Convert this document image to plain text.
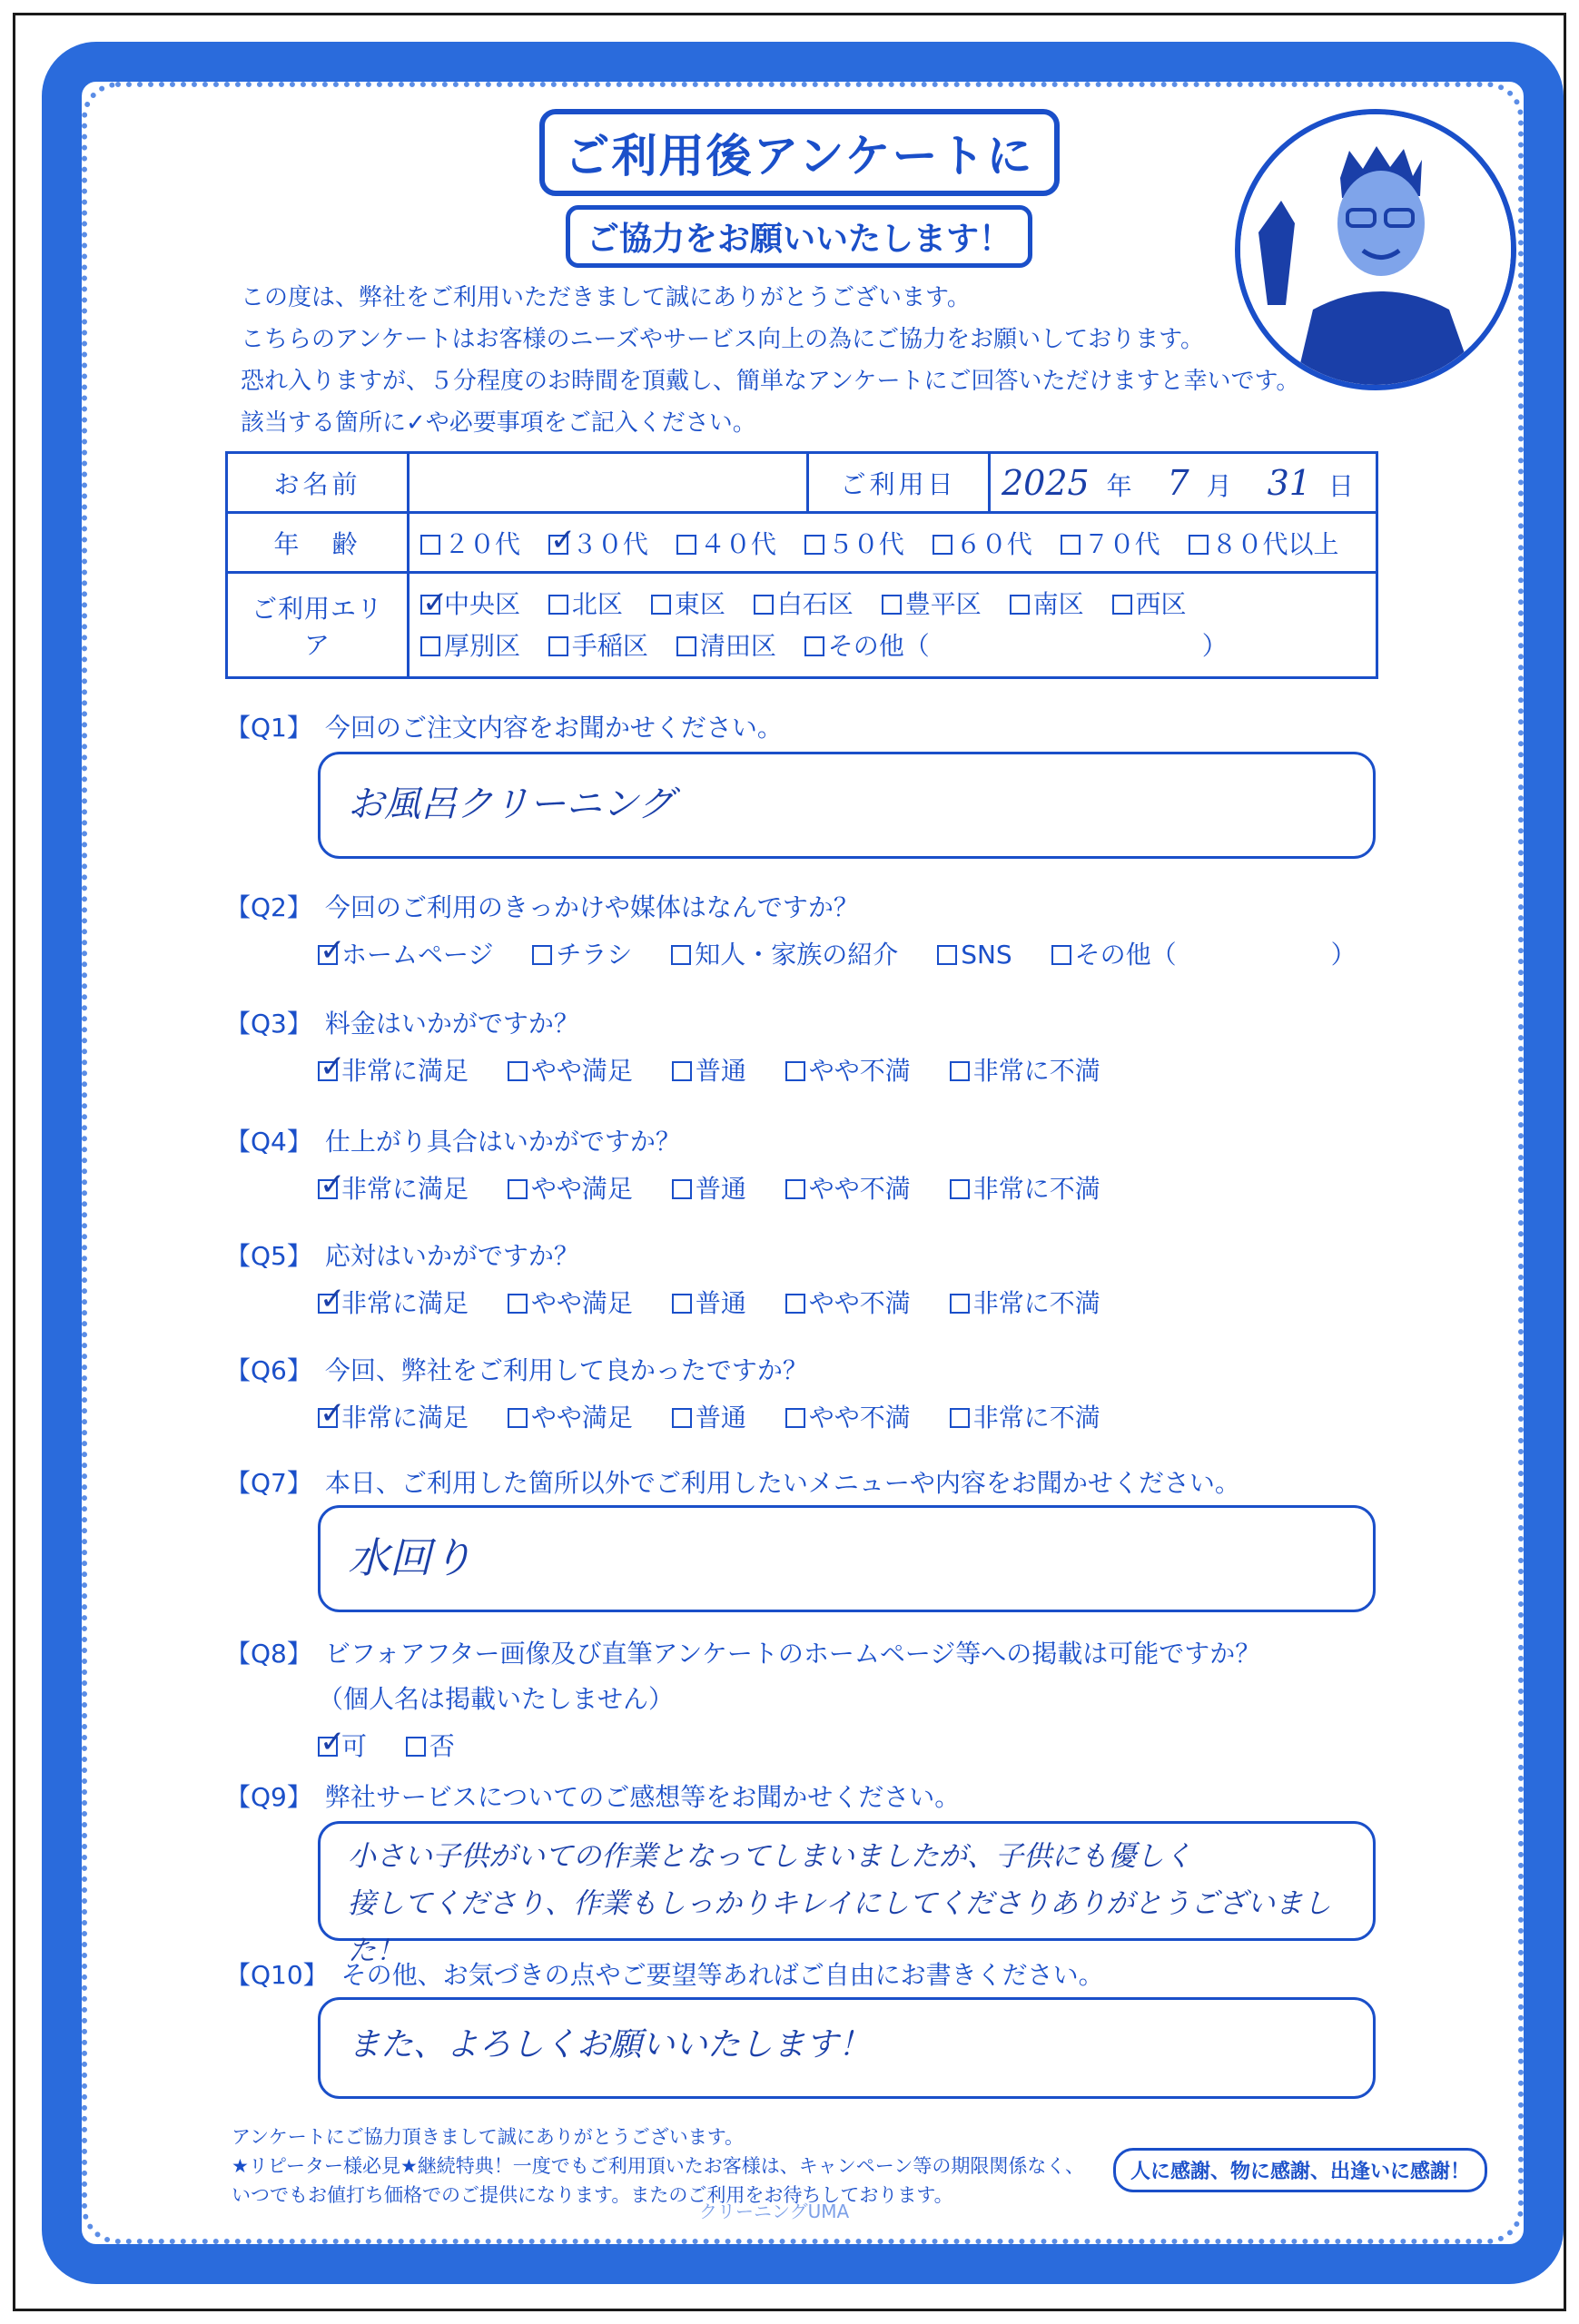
ご利用後アンケートに
ご協力をお願いいたします！
この度は、弊社をご利用いただきまして誠にありがとうございます。
こちらのアンケートはお客様のニーズやサービス向上の為にご協力をお願いしております。
恐れ入りますが、５分程度のお時間を頂戴し、簡単なアンケートにご回答いただけますと幸いです。
該当する箇所に✓や必要事項をご記入ください。
お名前		ご利用日	2025 年 7 月 31 日
年　齢	２０代 ✓ ３０代 ４０代 ５０代 ６０代 ７０代 ８０代以上
ご利用エリア	
✓中央区 北区 東区 白石区 豊平区 南区 西区
厚別区 手稲区 清田区 その他（ ）
【Q1】 今回のご注文内容をお聞かせください。
お風呂クリーニング
【Q2】 今回のご利用のきっかけや媒体はなんですか？
✓ホームページ チラシ 知人・家族の紹介 SNS その他（	）
【Q3】 料金はいかがですか？
✓非常に満足 やや満足 普通 やや不満 非常に不満
【Q4】 仕上がり具合はいかがですか？
✓非常に満足 やや満足 普通 やや不満 非常に不満
【Q5】 応対はいかがですか？
✓非常に満足 やや満足 普通 やや不満 非常に不満
【Q6】 今回、弊社をご利用して良かったですか？
✓非常に満足 やや満足 普通 やや不満 非常に不満
【Q7】 本日、ご利用した箇所以外でご利用したいメニューや内容をお聞かせください。
水回り
【Q8】 ビフォアフター画像及び直筆アンケートのホームページ等への掲載は可能ですか？
（個人名は掲載いたしません）
✓可 否
【Q9】 弊社サービスについてのご感想等をお聞かせください。
小さい子供がいての作業となってしまいましたが、子供にも優しく
接してくださり、作業もしっかりキレイにしてくださりありがとうございました！
【Q10】 その他、お気づきの点やご要望等あればご自由にお書きください。
また、よろしくお願いいたします！
アンケートにご協力頂きまして誠にありがとうございます。
★リピーター様必見★継続特典！一度でもご利用頂いたお客様は、キャンペーン等の期限関係なく、
いつでもお値打ち価格でのご提供になります。またのご利用をお待ちしております。
人に感謝、物に感謝、出逢いに感謝！
クリーニングUMA
